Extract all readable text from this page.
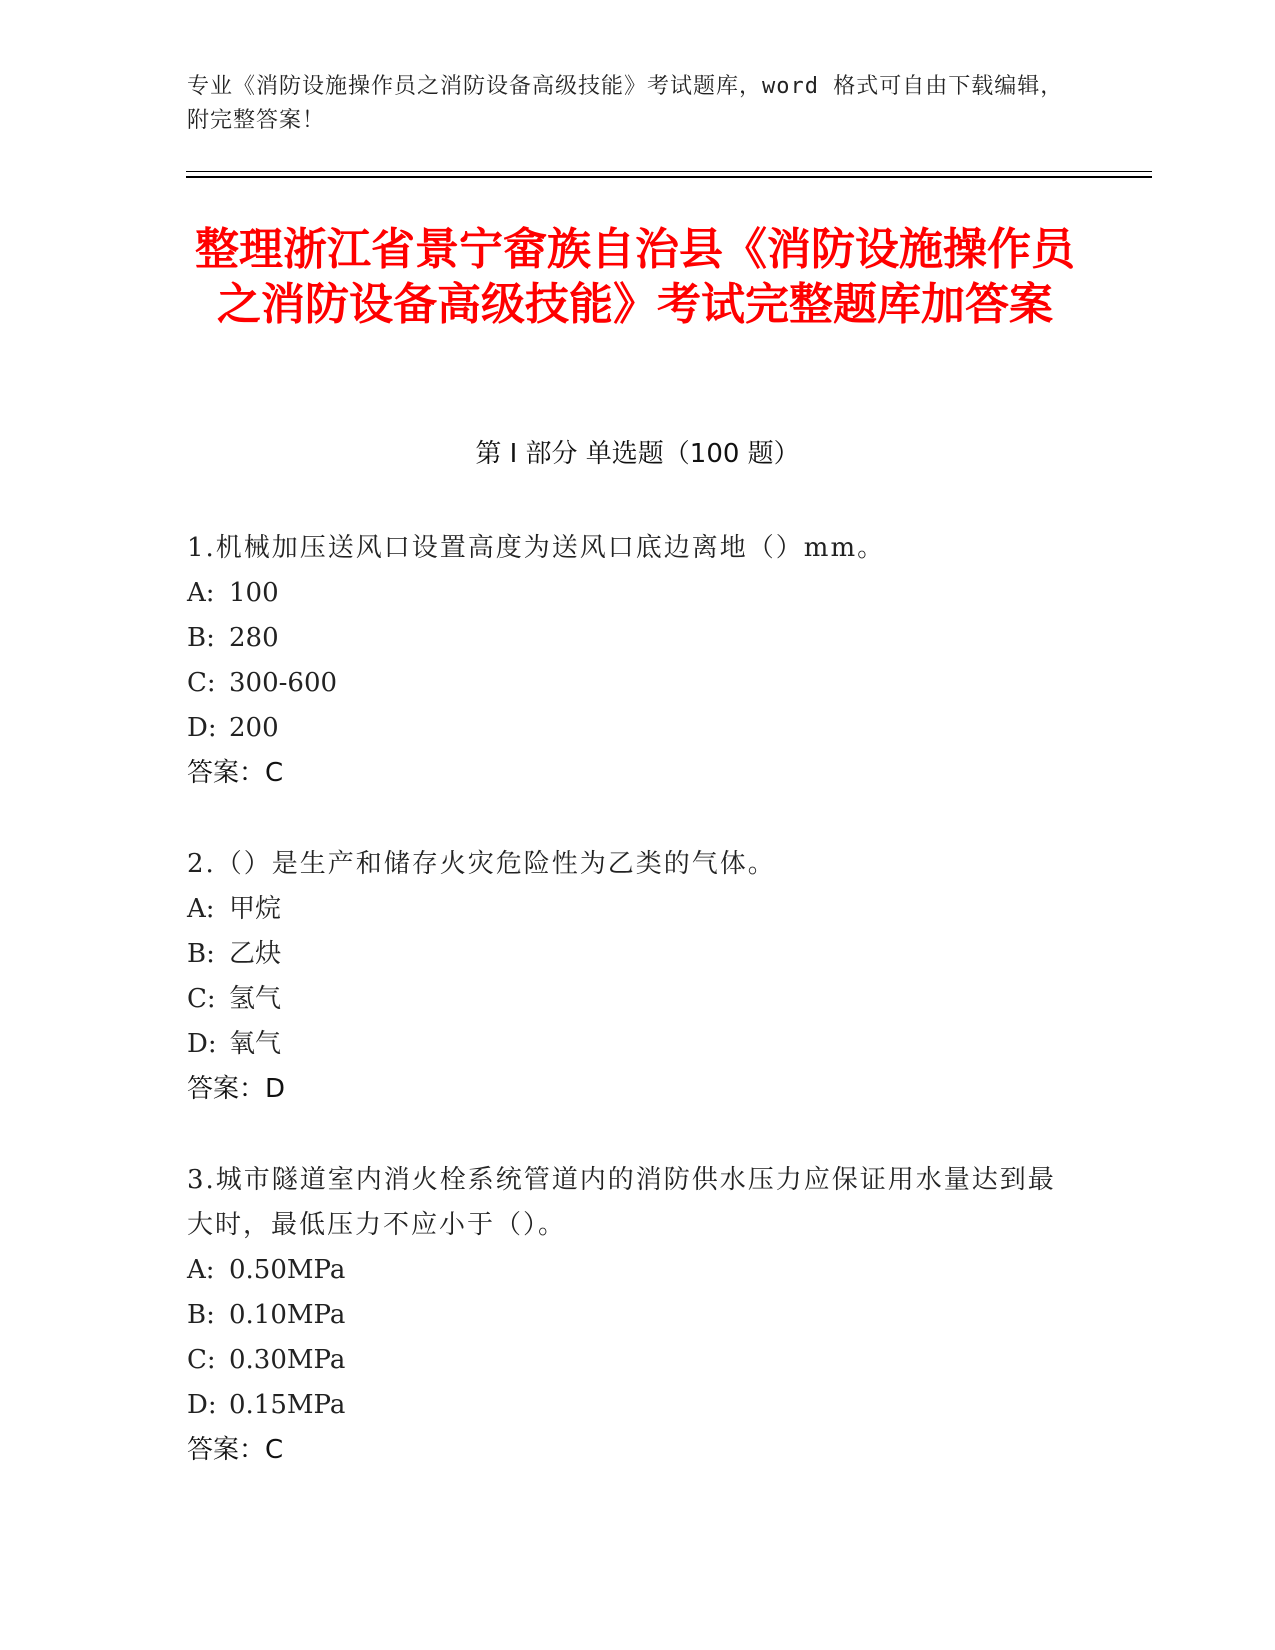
专业《消防设施操作员之消防设备高级技能》考试题库，word 格式可自由下载编辑，附完整答案！
整理浙江省景宁畲族自治县《消防设施操作员之消防设备高级技能》考试完整题库加答案
第 I 部分 单选题（100 题）
1.机械加压送风口设置高度为送风口底边离地（）mm。
A: 100
B: 280
C: 300-600
D: 200
答案：C
2.（）是生产和储存火灾危险性为乙类的气体。
A: 甲烷
B: 乙炔
C: 氢气
D: 氧气
答案：D
3.城市隧道室内消火栓系统管道内的消防供水压力应保证用水量达到最大时，最低压力不应小于（）。
A: 0.50MPa
B: 0.10MPa
C: 0.30MPa
D: 0.15MPa
答案：C
